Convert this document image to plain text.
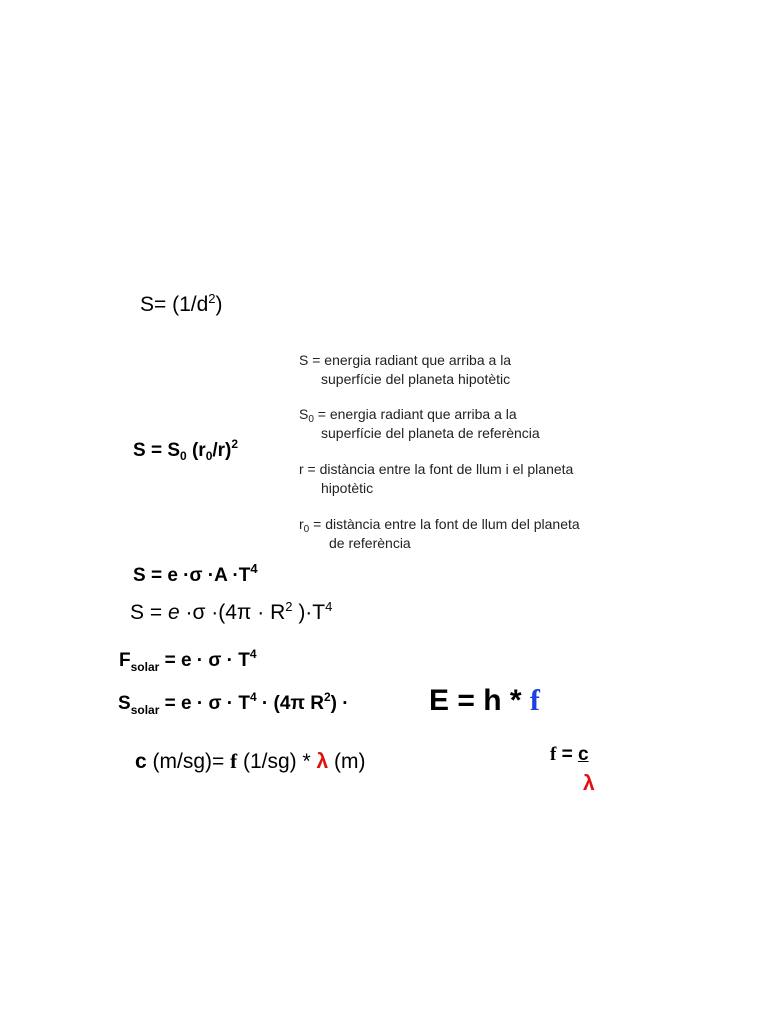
$S= (1/d^2)$
$S = S_0$ $(r_0/r)^2$
S = energia radiant que arriba a la
superfície del planeta hipotètic
$S_0$ = energia radiant que arriba a la
superfície del planeta de referència
r = distància entre la font de llum i el planeta
hipotètic
$r_0$ = distància entre la font de llum del planeta
de referència
$S = e \cdot\sigma \cdot A \cdot T^4$
$S = e \cdot\sigma \cdot(4\pi \cdot R^2$ )$\cdot T^4$
$F_{solar} = e \cdot \sigma \cdot T^4$
$S_{solar} = e \cdot \sigma \cdot T^4 \cdot (4\pi$ $R^2$) ·	E = h * f
c (m/sg)= f (1/sg) * λ (m)	f = c
λ
